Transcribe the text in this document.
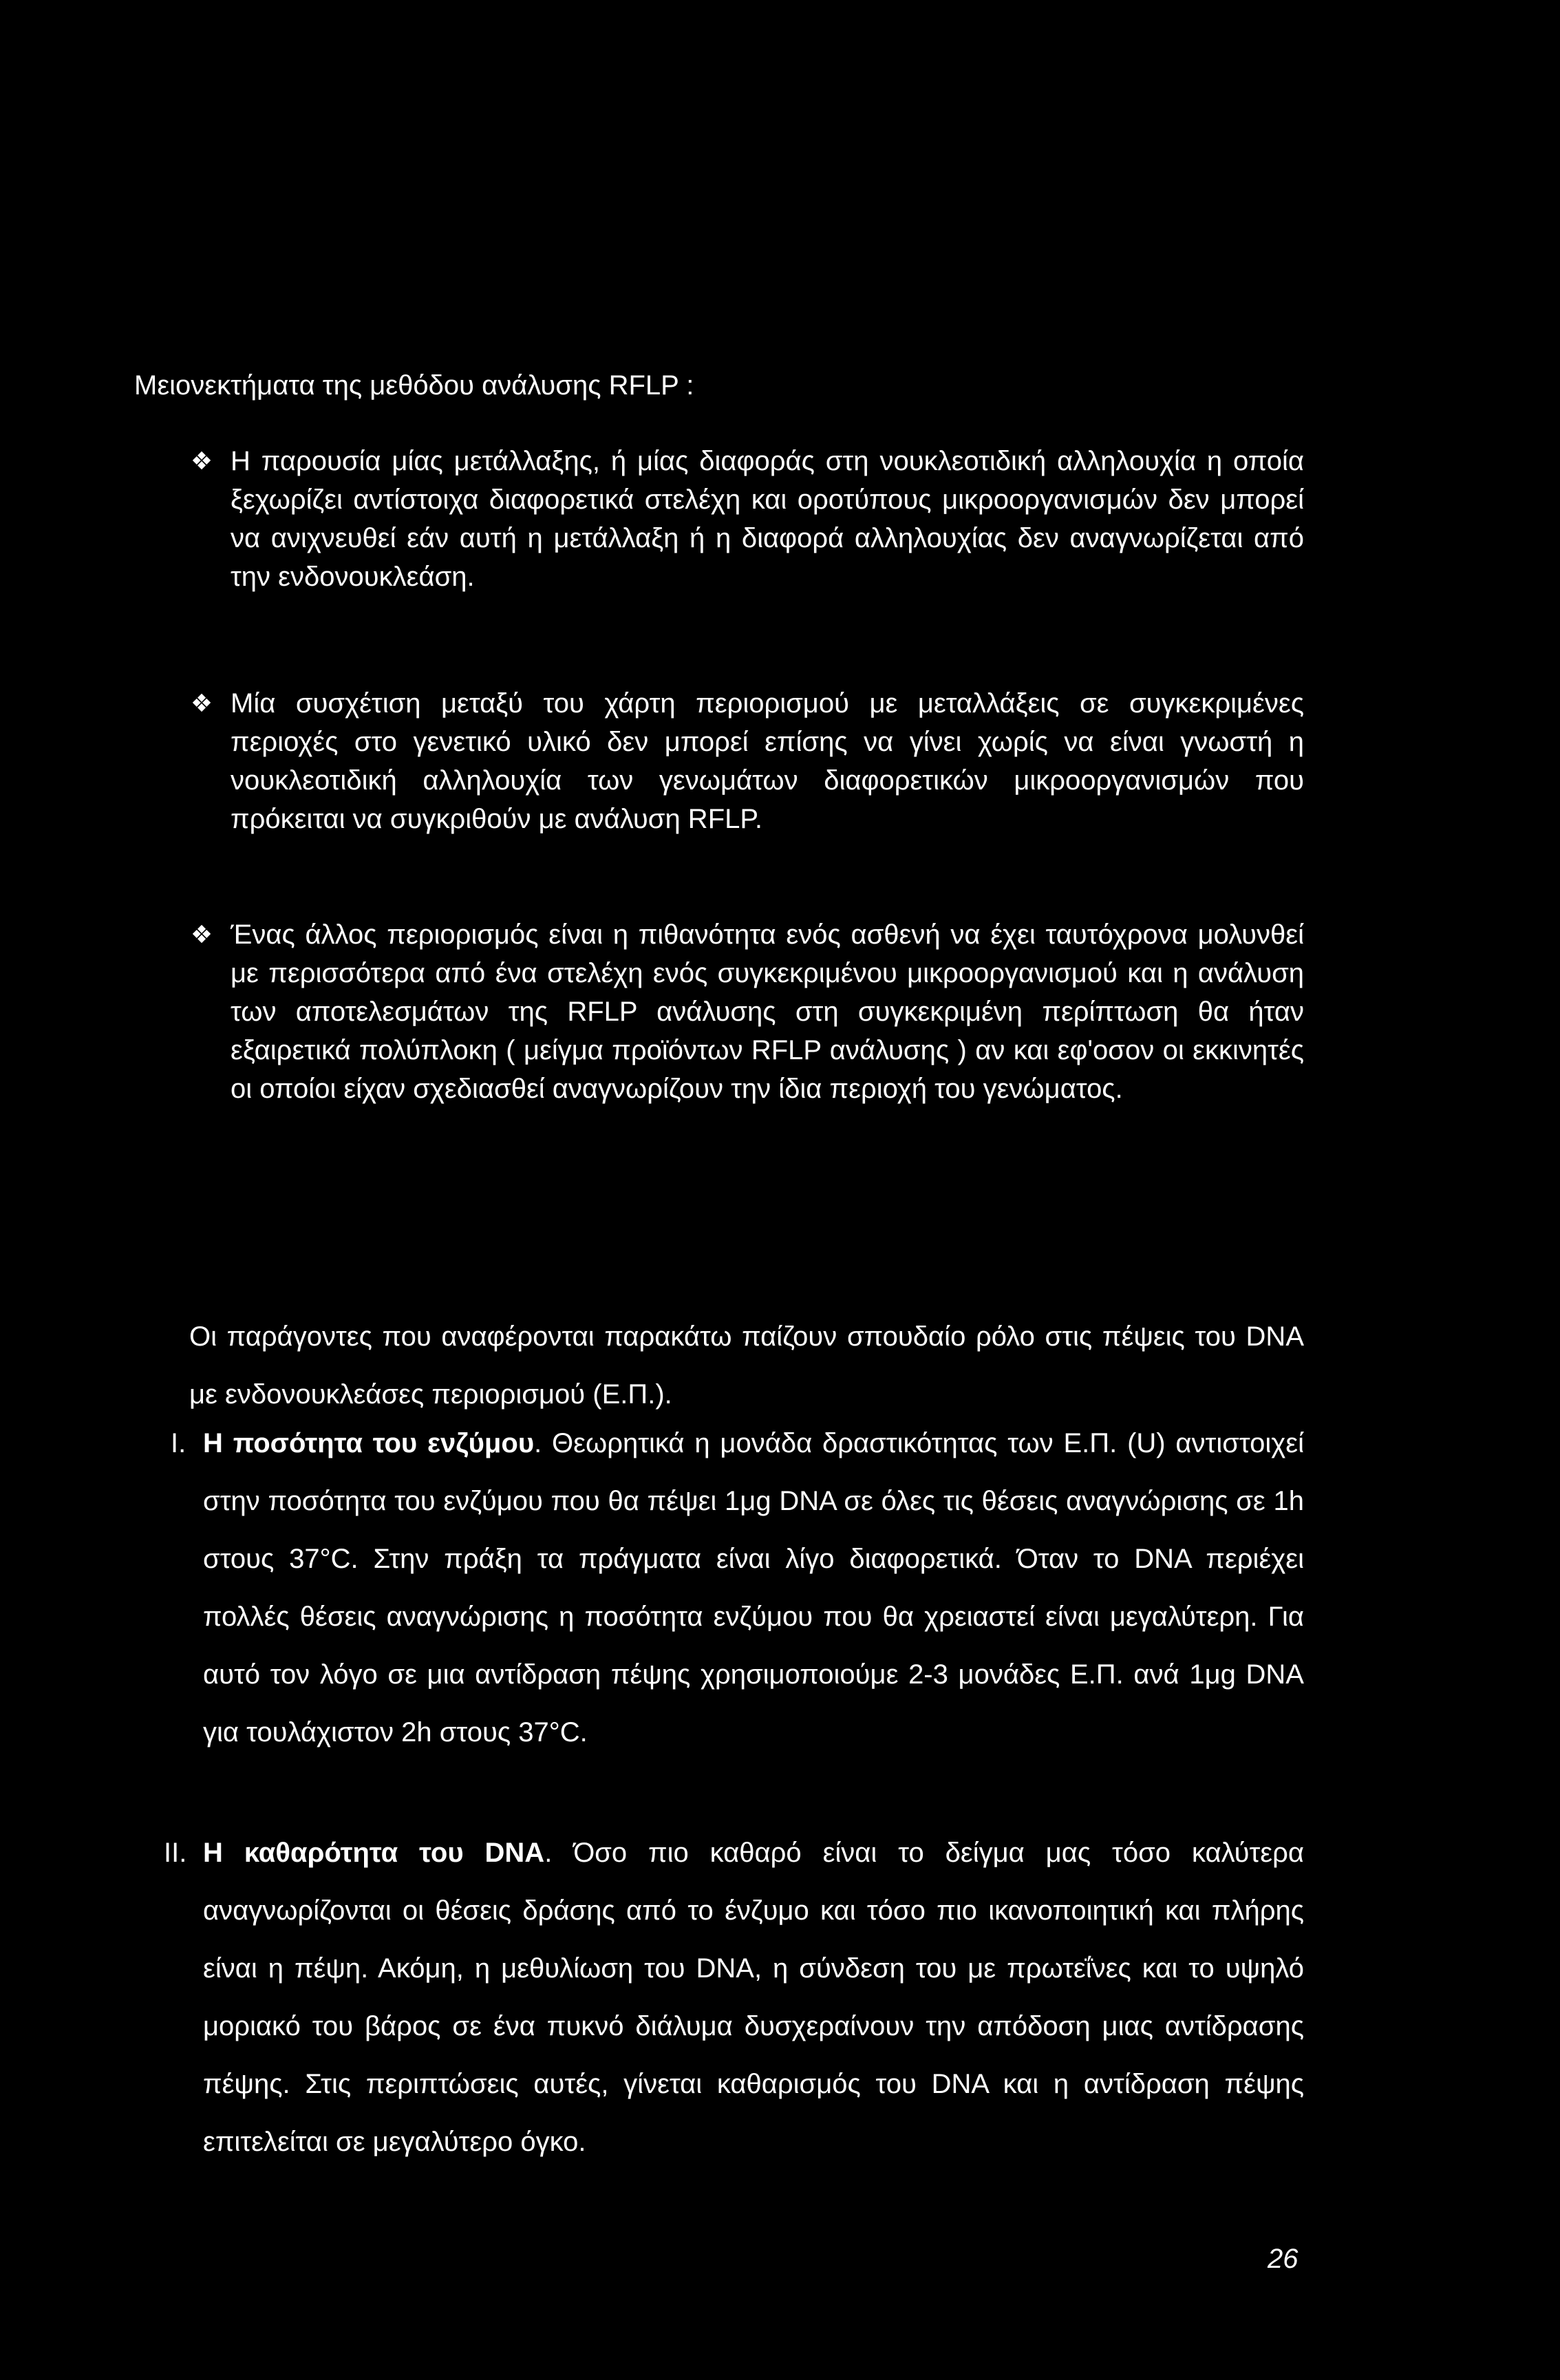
Μειονεκτήματα της μεθόδου ανάλυσης RFLP :

❖ Η παρουσία μίας μετάλλαξης, ή μίας διαφοράς στη νουκλεοτιδική αλληλουχία η οποία ξεχωρίζει αντίστοιχα διαφορετικά στελέχη και οροτύπους μικροοργανισμών δεν μπορεί να ανιχνευθεί εάν αυτή η μετάλλαξη ή η διαφορά αλληλουχίας δεν αναγνωρίζεται από την ενδονουκλεάση.
❖ Μία συσχέτιση μεταξύ του χάρτη περιορισμού με μεταλλάξεις σε συγκεκριμένες περιοχές στο γενετικό υλικό δεν μπορεί επίσης να γίνει χωρίς να είναι γνωστή η νουκλεοτιδική αλληλουχία των γενωμάτων διαφορετικών μικροοργανισμών που πρόκειται να συγκριθούν με ανάλυση RFLP.
❖ Ένας άλλος περιορισμός είναι η πιθανότητα ενός ασθενή να έχει ταυτόχρονα μολυνθεί με περισσότερα από ένα στελέχη ενός συγκεκριμένου μικροοργανισμού και η ανάλυση των αποτελεσμάτων της RFLP ανάλυσης στη συγκεκριμένη περίπτωση θα ήταν εξαιρετικά πολύπλοκη ( μείγμα προϊόντων RFLP ανάλυσης ) αν και εφ'οσον οι εκκινητές οι οποίοι είχαν σχεδιασθεί αναγνωρίζουν την ίδια περιοχή του γενώματος.

Οι παράγοντες που αναφέρονται παρακάτω παίζουν σπουδαίο ρόλο στις πέψεις του DNA με ενδονουκλεάσες περιορισμού (Ε.Π.).

I. Η ποσότητα του ενζύμου. Θεωρητικά η μονάδα δραστικότητας των Ε.Π. (U) αντιστοιχεί στην ποσότητα του ενζύμου που θα πέψει 1μg DNA σε όλες τις θέσεις αναγνώρισης σε 1h στους 37°C. Στην πράξη τα πράγματα είναι λίγο διαφορετικά. Όταν το DNA περιέχει πολλές θέσεις αναγνώρισης η ποσότητα ενζύμου που θα χρειαστεί είναι μεγαλύτερη. Για αυτό τον λόγο σε μια αντίδραση πέψης χρησιμοποιούμε 2-3 μονάδες Ε.Π. ανά 1μg DNA για τουλάχιστον 2h στους 37°C.

II. Η καθαρότητα του DNA. Όσο πιο καθαρό είναι το δείγμα μας τόσο καλύτερα αναγνωρίζονται οι θέσεις δράσης από το ένζυμο και τόσο πιο ικανοποιητική και πλήρης είναι η πέψη. Ακόμη, η μεθυλίωση του DNA, η σύνδεση του με πρωτεΐνες και το υψηλό μοριακό του βάρος σε ένα πυκνό διάλυμα δυσχεραίνουν την απόδοση μιας αντίδρασης πέψης. Στις περιπτώσεις αυτές, γίνεται καθαρισμός του DNA και η αντίδραση πέψης επιτελείται σε μεγαλύτερο όγκο.

26
